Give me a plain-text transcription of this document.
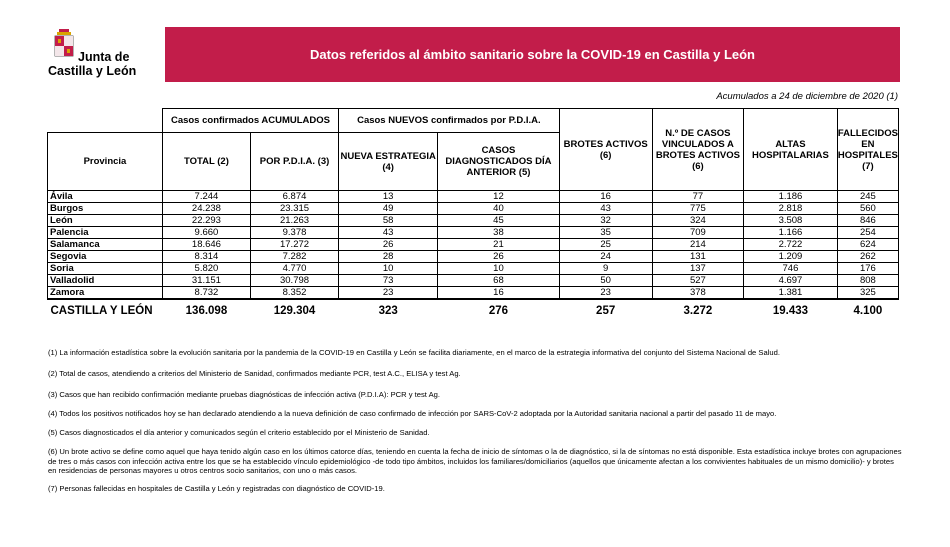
Junta de
Castilla y León
Datos referidos al ámbito sanitario sobre la COVID-19 en Castilla y León
Acumulados a 24 de diciembre de 2020 (1)
	Casos confirmados ACUMULADOS		Casos NUEVOS confirmados por P.D.I.A.		BROTES ACTIVOS (6)	N.º DE CASOS VINCULADOS A BROTES ACTIVOS (6)	ALTAS HOSPITALARIAS	FALLECIDOS EN HOSPITALES (7)
Provincia	TOTAL (2)	POR P.D.I.A. (3)	NUEVA ESTRATEGIA (4)	CASOS DIAGNOSTICADOS DÍA ANTERIOR (5)				
Ávila	7.244	6.874	13	12	16	77	1.186	245
Burgos	24.238	23.315	49	40	43	775	2.818	560
León	22.293	21.263	58	45	32	324	3.508	846
Palencia	9.660	9.378	43	38	35	709	1.166	254
Salamanca	18.646	17.272	26	21	25	214	2.722	624
Segovia	8.314	7.282	28	26	24	131	1.209	262
Soria	5.820	4.770	10	10	9	137	746	176
Valladolid	31.151	30.798	73	68	50	527	4.697	808
Zamora	8.732	8.352	23	16	23	378	1.381	325
CASTILLA Y LEÓN	136.098	129.304	323	276	257	3.272	19.433	4.100
(1) La información estadística sobre la evolución sanitaria por la pandemia de la COVID-19 en Castilla y León se facilita diariamente, en el marco de la estrategia informativa del conjunto del Sistema Nacional de Salud.
(2) Total de casos, atendiendo a criterios del Ministerio de Sanidad, confirmados mediante PCR, test A.C., ELISA y test Ag.
(3) Casos que han recibido confirmación mediante pruebas diagnósticas de infección activa (P.D.I.A): PCR y test Ag.
(4) Todos los positivos notificados hoy se han declarado atendiendo a la nueva definición de caso confirmado de infección por SARS-CoV-2 adoptada por la Autoridad sanitaria nacional a partir del pasado 11 de mayo.
(5) Casos diagnosticados el día anterior y comunicados según el criterio establecido por el Ministerio de Sanidad.
(6) Un brote activo se define como aquel que haya tenido algún caso en los últimos catorce días, teniendo en cuenta la fecha de inicio de síntomas o la de diagnóstico, si la de síntomas no está disponible. Esta estadística incluye brotes con agrupaciones de tres o más casos con infección activa entre los que se ha establecido vínculo epidemiológico -de todo tipo ámbitos, incluidos los familiares/domiciliarios (aquellos que únicamente afectan a los convivientes habituales de un mismo domicilio)- y brotes en residencias de personas mayores u otros centros socio sanitarios, con uno o más casos.
(7) Personas fallecidas en hospitales de Castilla y León y registradas con diagnóstico de COVID-19.
